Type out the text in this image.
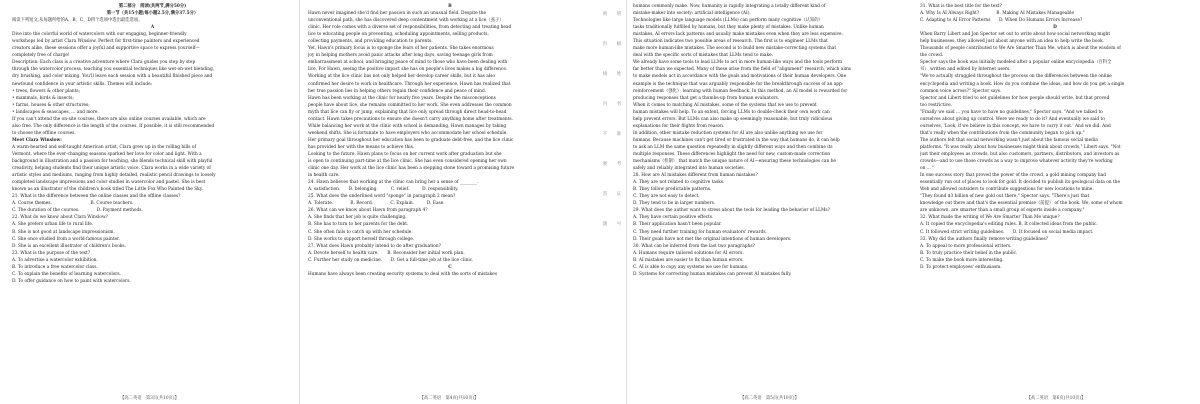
第二部分　阅读(共两节,满分50分)
第一节（共15小题;每小题2.5分,满分37.5分）
阅读下列短文,从每题所给的A、B、C、D四个选项中选出最佳选项。
A
Dive into the colorful world of watercolors with our engaging, beginner-friendly
workshops led by artist Clara Winslow. Perfect for first-time painters and experienced
creators alike, these sessions offer a joyful and supportive space to express yourself—
completely free of charge!
Description: Each class is a creative adventure where Clara guides you step by step
through the watercolor process, teaching you essential techniques like wet-on-wet blending,
dry brushing, and color mixing. You'll leave each session with a beautiful finished piece and
newfound confidence in your artistic skills. Themes will include:
• trees, flowers & other plants;
• mammals, birds & insects;
• farms, houses & other structures;
• landscapes & seascapes, ... and more.
If you can't attend the on-site courses, there are also online courses available, which are
also free. The only difference is the length of the courses. If possible, it is still recommended
to choose the offline courses.
Meet Clara Winslow:
A warm-hearted and self-taught American artist, Clara grew up in the rolling hills of
Vermont, where the ever-changing seasons sparked her love for color and light. With a
background in illustration and a passion for teaching, she blends technical skill with playful
creativity, helping students find their unique artistic voice. Clara works in a wide variety of
artistic styles and mediums, ranging from highly detailed, realistic pencil drawings to loosely
completed landscape impressions and color studies in watercolor and pastel. She is best
known as an illustrator of the children's book titled The Little Fox Who Painted the Sky.
21. What is the difference between the online classes and the offline classes?
A. Course themes.　　　　　　　　　B. Course teachers.
C. The duration of the courses.　　　　D. Payment methods.
22. What do we know about Clara Winslow?
A. She prefers urban life to rural life.
B. She is not good at landscape impressionism.
C. She once studied from a world-famous painter.
D. She is an excellent illustrator of children's books.
23. What is the purpose of the text?
A. To advertise a watercolor exhibition.
B. To introduce a free watercolor class.
C. To explain the benefits of learning watercolors.
D. To offer guidance on how to paint with watercolors.
【高二英语　第3页(共10页)】
B
Hawn never imagined she'd find her passion in such an unusual field. Despite the
unconventional path, she has discovered deep contentment with working at a lice（虱子）
clinic. Her role comes with a diverse set of responsibilities, from detecting and treating head
lice to educating people on preventing, scheduling appointments, selling products,
collecting payments, and providing education to parents.
Yet, Hawn's primary focus is to sponge the fears of her patients. She takes enormous
joy in helping mothers avoid panic attacks after long days, saving teenage girls from
embarrassment at school, and bringing peace of mind to those who have been dealing with
lice. For Hawn, seeing the positive impact she has on people's lives makes a big difference.
Working at the lice clinic has not only helped her develop career skills, but it has also
confirmed her desire to work in healthcare. Through her experience, Hawn has realized that
her true passion lies in helping others regain their confidence and peace of mind.
Hawn has been working at the clinic for nearly five years. Despite the misconceptions
people have about lice, she remains committed to her work. She even addresses the common
myth that lice can fly or jump, explaining that lice only spread through direct head-to-head
contact. Hawn takes precautions to ensure she doesn't carry anything home after treatments.
While balancing her work at the clinic with school is demanding, Hawn manages by taking
weekend shifts. She is fortunate to have employers who accommodate her school schedule.
Her primary goal throughout her education has been to graduate debt-free, and the lice clinic
has provided her with the means to achieve this.
Looking to the future, Hawn plans to focus on her current work after graduation but she
is open to continuing part-time at the lice clinic. She has even considered opening her own
clinic one day. Her work at the lice clinic has been a stepping stone toward a promising future
in health care.
24. Hawn believes that working at the clinic can bring her a sense of ________.
A. satisfaction.　　B. belonging.　　　C. relief.　　　D. responsibility.
25. What does the underlined word "sponge" in paragraph 2 mean?
A. Tolerate.　　　　B. Record.　　　　C. Explain.　　　D. Ease.
26. What can we know about Hawn from paragraph 4?
A. She finds that her job is quite challenging.
B. She has to turn to her parents for the debt.
C. She often fails to catch up with her schedule.
D. She works to support herself through college.
27. What does Hawn probably intend to do after graduation?
A. Devote herself to health care.　　B. Reconsider her initial work plan.
C. Further her study on medicine.　　D. Get a full-time job at the lice clinic.
C
Humans have always been creating security systems to deal with the sorts of mistakes
【高二英语　第4页(共10页)】
密
封
线
内
不
要
答
题
班
级
姓
名
准
考
证
号
humans commonly make. Now, humanity is rapidly integrating a totally different kind of
mistake-maker into society: artificial intelligence (AI).
Technologies like large language models (LLMs) can perform many cognitive（认知的）
tasks traditionally fulfilled by humans, but they make plenty of mistakes. Unlike human
mistakes, AI errors lack patterns and usually make mistakes even when they are less expensive.
This situation indicates two possible areas of research. The first is to engineer LLMs that
make more human-like mistakes. The second is to build new mistake-correcting systems that
deal with the specific sorts of mistakes that LLMs tend to make.
We already have some tools to lead LLMs to act in more human-like ways and the tools perform
far better than we expected. Many of these arise from the field of "alignment" research, which aims
to make models act in accordance with the goals and motivations of their human developers. One
example is the technique that was arguably responsible for the breakthrough success of an app:
reinforcement（强化） learning with human feedback. In this method, an AI model is rewarded for
producing responses that get a thumbs-up from human evaluators.
When it comes to matching AI mistakes, some of the systems that we use to prevent
human mistakes will help. To an extent, forcing LLMs to double-check their own work can
help prevent errors. But LLMs can also make up seemingly reasonable, but truly ridiculous
explanations for their flights from reason.
In addition, other mistake reduction systems for AI are also unlike anything we use for
humans. Because machines can't get tired or frustrated in the way that humans do, it can help
to ask an LLM the same question repeatedly in slightly different ways and then combine its
multiple responses. These differences highlight the need for new, custom-made correction
mechanisms（机制） that match the unique nature of AI—ensuring these technologies can be
safely and reliably integrated into human societies.
28. How are AI mistakes different from human mistakes?
A. They are not related to cognitive tasks.
B. They follow predictable patterns.
C. They are not easy to detect.
D. They tend to be in larger numbers.
29. What does the author want to stress about the tools for leading the behavior of LLMs?
A. They have certain positive effects.
B. Their application hasn't been popular.
C. They need further training for human evaluators' rewards.
D. Their goals have not met the original intentions of human developers.
30. What can be inferred from the last two paragraphs?
A. Humans require tailored solutions for AI errors.
B. AI mistakes are easier to fix than human errors.
C. AI is able to copy any systems we use for humans.
D. Systems for correcting human mistakes can prevent AI mistakes fully.
【高二英语　第5页(共10页)】
31. What is the best title for the text?
A. Why Is AI Always Right?　　　　B. Making AI Mistakes Manageable
C. Adapting to AI Error Patterns　　D. When Do Humans Errors Increase?
D
When Barry Libert and Jon Spector set out to write about how social networking might
help businesses, they allowed just about anyone with an idea to help write the book.
Thousands of people contributed to We Are Smarter Than Me, which is about the wisdom of
the crowd.
Spector says the book was initially modeled after a popular online encyclopedia（百科全
书） written and edited by Internet users.
"We've actually struggled throughout the process on the differences between the online
encyclopedia and writing a book. How do you combine the ideas, and how do you get a single
common voice across?" Spector says.
Spector and Libert tried to set guidelines for how people should write, but that proved
too restrictive.
"Finally we said ... you have to have no guidelines," Spector says. "And we talked to
ourselves about giving up control. Were we ready to do it? And eventually we said to
ourselves, 'Look, if we believe in this concept, we have to carry it out.' And we did. And
that's really when the contributions from the community began to pick up."
The authors felt that social networking wasn't just about the famous social media
platforms. "It was really about how businesses might think about crowds," Libert says. "Not
just their employees as crowds, but also customers, partners, distributors, and investors as
crowds—and to use those crowds as a way to improve whatever activity they're working
on ... "
In one success story that proved the power of the crowd, a gold mining company had
essentially run out of places to look for gold. It decided to publish its geological data on the
Web and allowed outsiders to contribute suggestions for new locations to mine.
"They found $3 billion of new gold out there," Spector says. "There's just that
knowledge out there and that's the essential premise（前提） of the book. We, some of whom
are unknown, are smarter than a small group of experts inside a company."
32. What made the writing of We Are Smarter Than Me unique?
A. It copied the encyclopedia's editing rules. B. It collected ideas from the public.
C. It followed strict writing guidelines.　　D. It focused on social media impact.
33. Why did the authors finally remove writing guidelines?
A. To appeal to more professional writers.
B. To truly practice their belief in the public.
C. To make the book more interesting.
D. To protect employees' enthusiasm.
【高二英语　第6页(共10页)】
